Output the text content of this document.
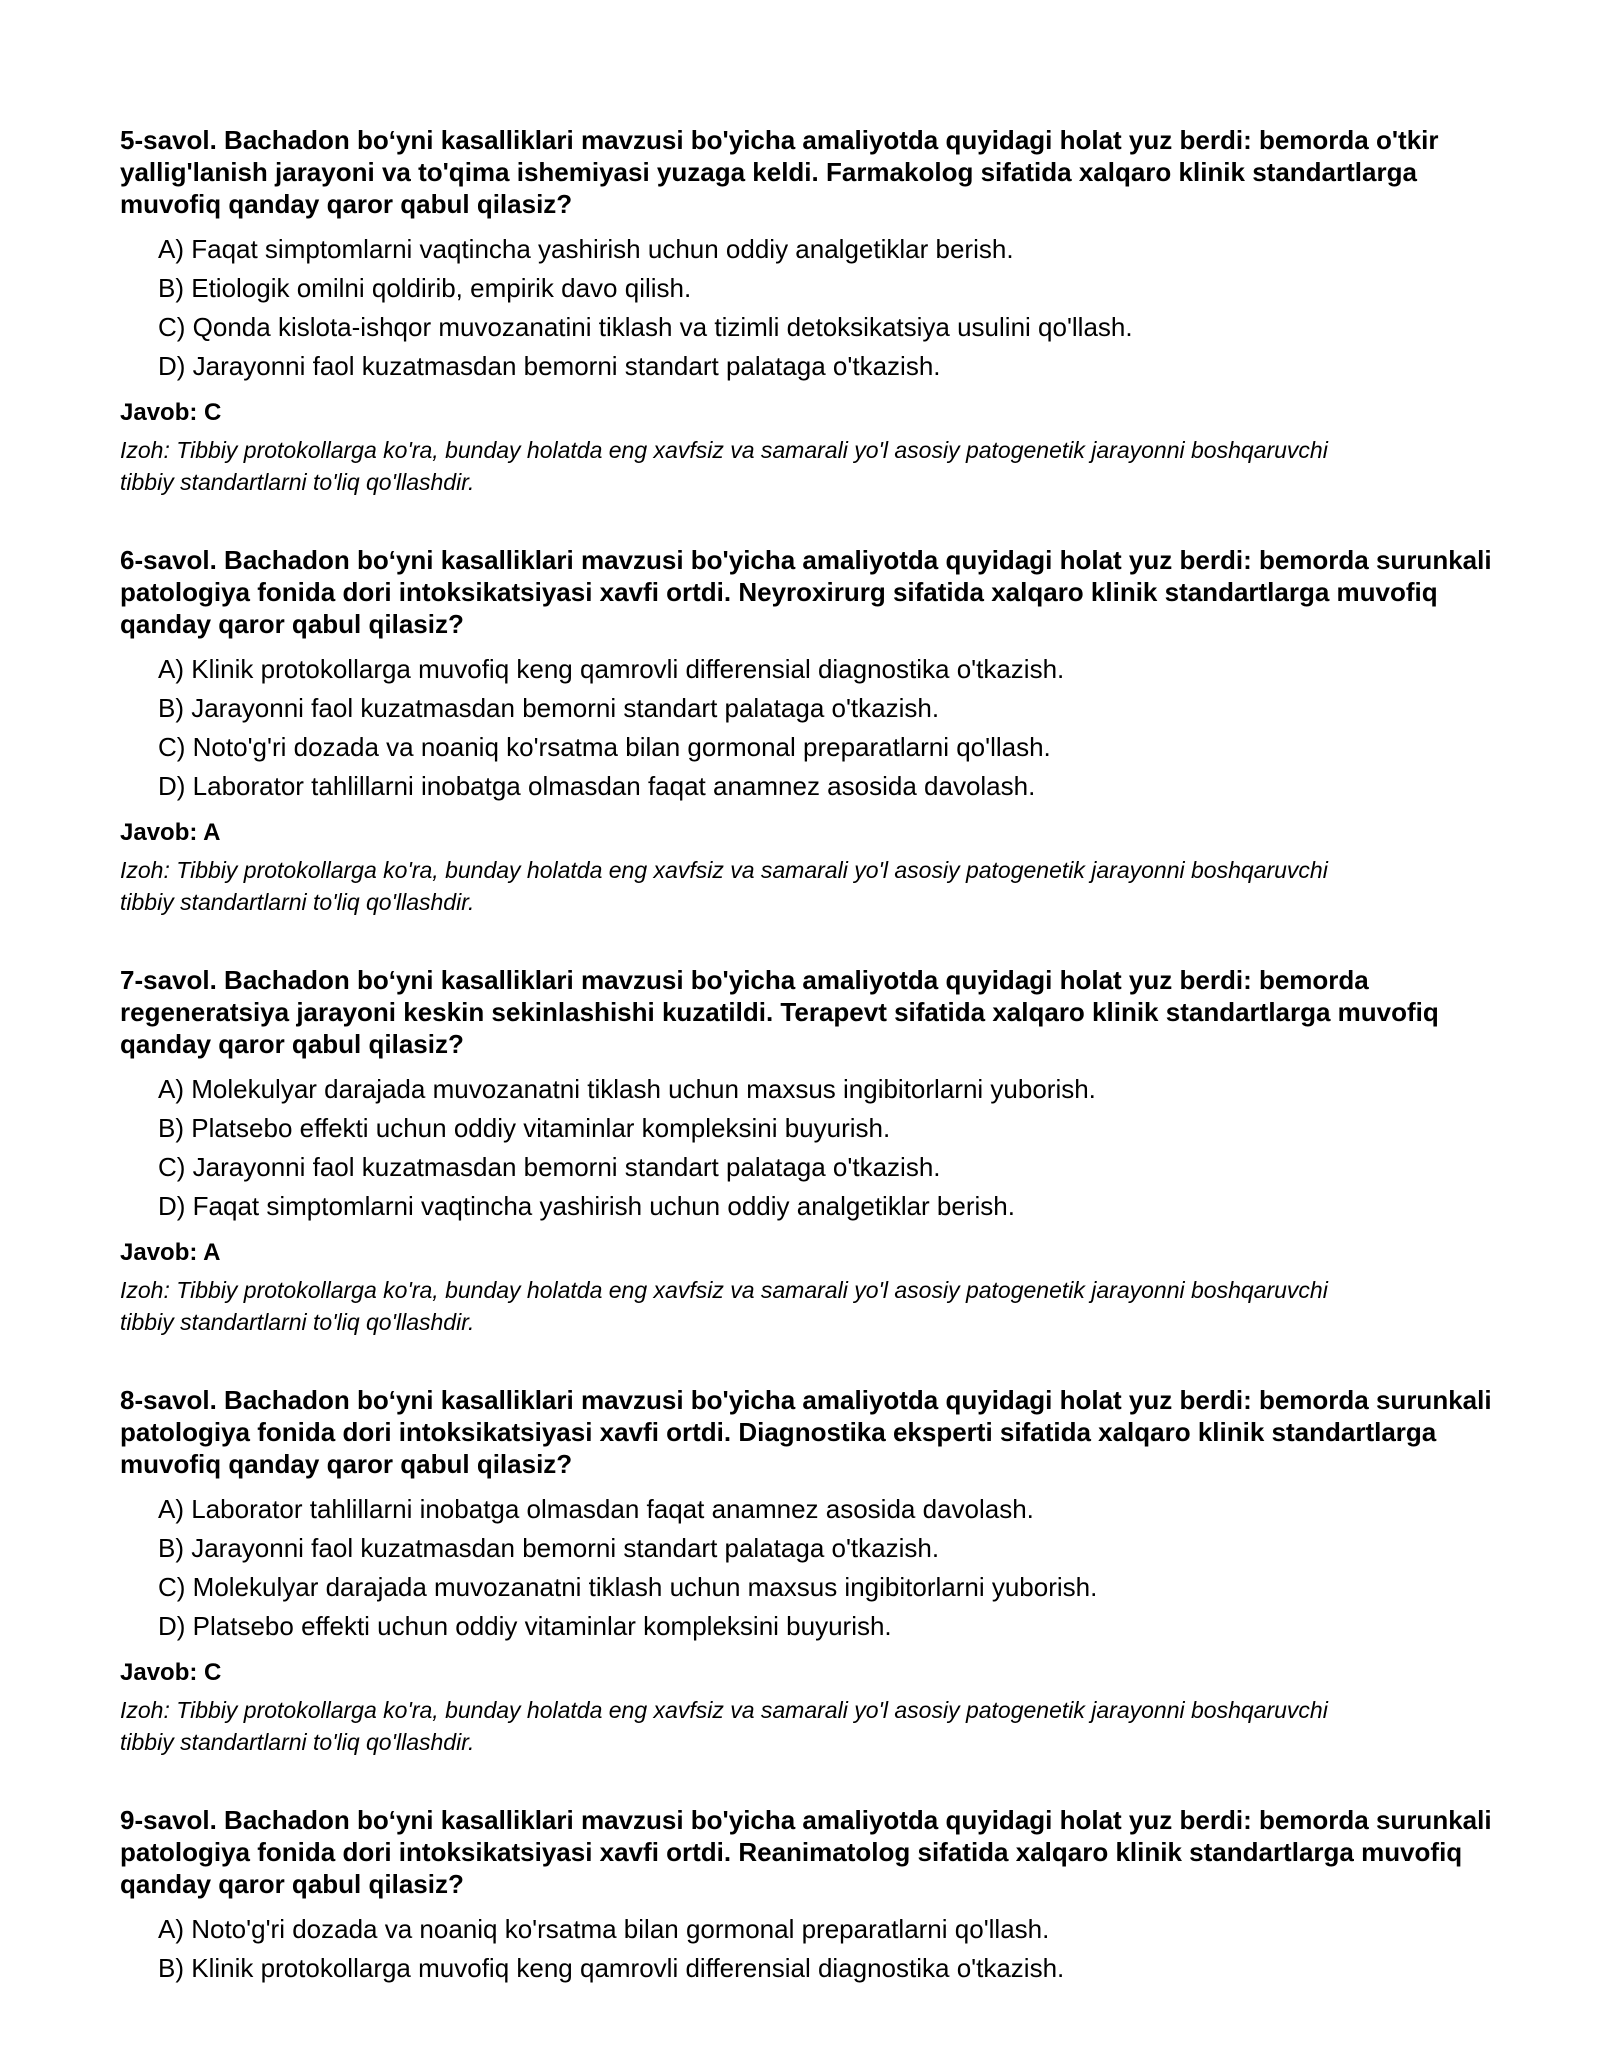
5-savol. Bachadon bo‘yni kasalliklari mavzusi bo'yicha amaliyotda quyidagi holat yuz berdi: bemorda o'tkir yallig'lanish jarayoni va to'qima ishemiyasi yuzaga keldi. Farmakolog sifatida xalqaro klinik standartlarga muvofiq qanday qaror qabul qilasiz?

A) Faqat simptomlarni vaqtincha yashirish uchun oddiy analgetiklar berish.
B) Etiologik omilni qoldirib, empirik davo qilish.
C) Qonda kislota-ishqor muvozanatini tiklash va tizimli detoksikatsiya usulini qo'llash.
D) Jarayonni faol kuzatmasdan bemorni standart palataga o'tkazish.

Javob: C

Izoh: Tibbiy protokollarga ko'ra, bunday holatda eng xavfsiz va samarali yo'l asosiy patogenetik jarayonni boshqaruvchi tibbiy standartlarni to'liq qo'llashdir.

6-savol. Bachadon bo‘yni kasalliklari mavzusi bo'yicha amaliyotda quyidagi holat yuz berdi: bemorda surunkali patologiya fonida dori intoksikatsiyasi xavfi ortdi. Neyroxirurg sifatida xalqaro klinik standartlarga muvofiq qanday qaror qabul qilasiz?

A) Klinik protokollarga muvofiq keng qamrovli differensial diagnostika o'tkazish.
B) Jarayonni faol kuzatmasdan bemorni standart palataga o'tkazish.
C) Noto'g'ri dozada va noaniq ko'rsatma bilan gormonal preparatlarni qo'llash.
D) Laborator tahlillarni inobatga olmasdan faqat anamnez asosida davolash.

Javob: A

Izoh: Tibbiy protokollarga ko'ra, bunday holatda eng xavfsiz va samarali yo'l asosiy patogenetik jarayonni boshqaruvchi tibbiy standartlarni to'liq qo'llashdir.

7-savol. Bachadon bo‘yni kasalliklari mavzusi bo'yicha amaliyotda quyidagi holat yuz berdi: bemorda regeneratsiya jarayoni keskin sekinlashishi kuzatildi. Terapevt sifatida xalqaro klinik standartlarga muvofiq qanday qaror qabul qilasiz?

A) Molekulyar darajada muvozanatni tiklash uchun maxsus ingibitorlarni yuborish.
B) Platsebo effekti uchun oddiy vitaminlar kompleksini buyurish.
C) Jarayonni faol kuzatmasdan bemorni standart palataga o'tkazish.
D) Faqat simptomlarni vaqtincha yashirish uchun oddiy analgetiklar berish.

Javob: A

Izoh: Tibbiy protokollarga ko'ra, bunday holatda eng xavfsiz va samarali yo'l asosiy patogenetik jarayonni boshqaruvchi tibbiy standartlarni to'liq qo'llashdir.

8-savol. Bachadon bo‘yni kasalliklari mavzusi bo'yicha amaliyotda quyidagi holat yuz berdi: bemorda surunkali patologiya fonida dori intoksikatsiyasi xavfi ortdi. Diagnostika eksperti sifatida xalqaro klinik standartlarga muvofiq qanday qaror qabul qilasiz?

A) Laborator tahlillarni inobatga olmasdan faqat anamnez asosida davolash.
B) Jarayonni faol kuzatmasdan bemorni standart palataga o'tkazish.
C) Molekulyar darajada muvozanatni tiklash uchun maxsus ingibitorlarni yuborish.
D) Platsebo effekti uchun oddiy vitaminlar kompleksini buyurish.

Javob: C

Izoh: Tibbiy protokollarga ko'ra, bunday holatda eng xavfsiz va samarali yo'l asosiy patogenetik jarayonni boshqaruvchi tibbiy standartlarni to'liq qo'llashdir.

9-savol. Bachadon bo‘yni kasalliklari mavzusi bo'yicha amaliyotda quyidagi holat yuz berdi: bemorda surunkali patologiya fonida dori intoksikatsiyasi xavfi ortdi. Reanimatolog sifatida xalqaro klinik standartlarga muvofiq qanday qaror qabul qilasiz?

A) Noto'g'ri dozada va noaniq ko'rsatma bilan gormonal preparatlarni qo'llash.
B) Klinik protokollarga muvofiq keng qamrovli differensial diagnostika o'tkazish.
